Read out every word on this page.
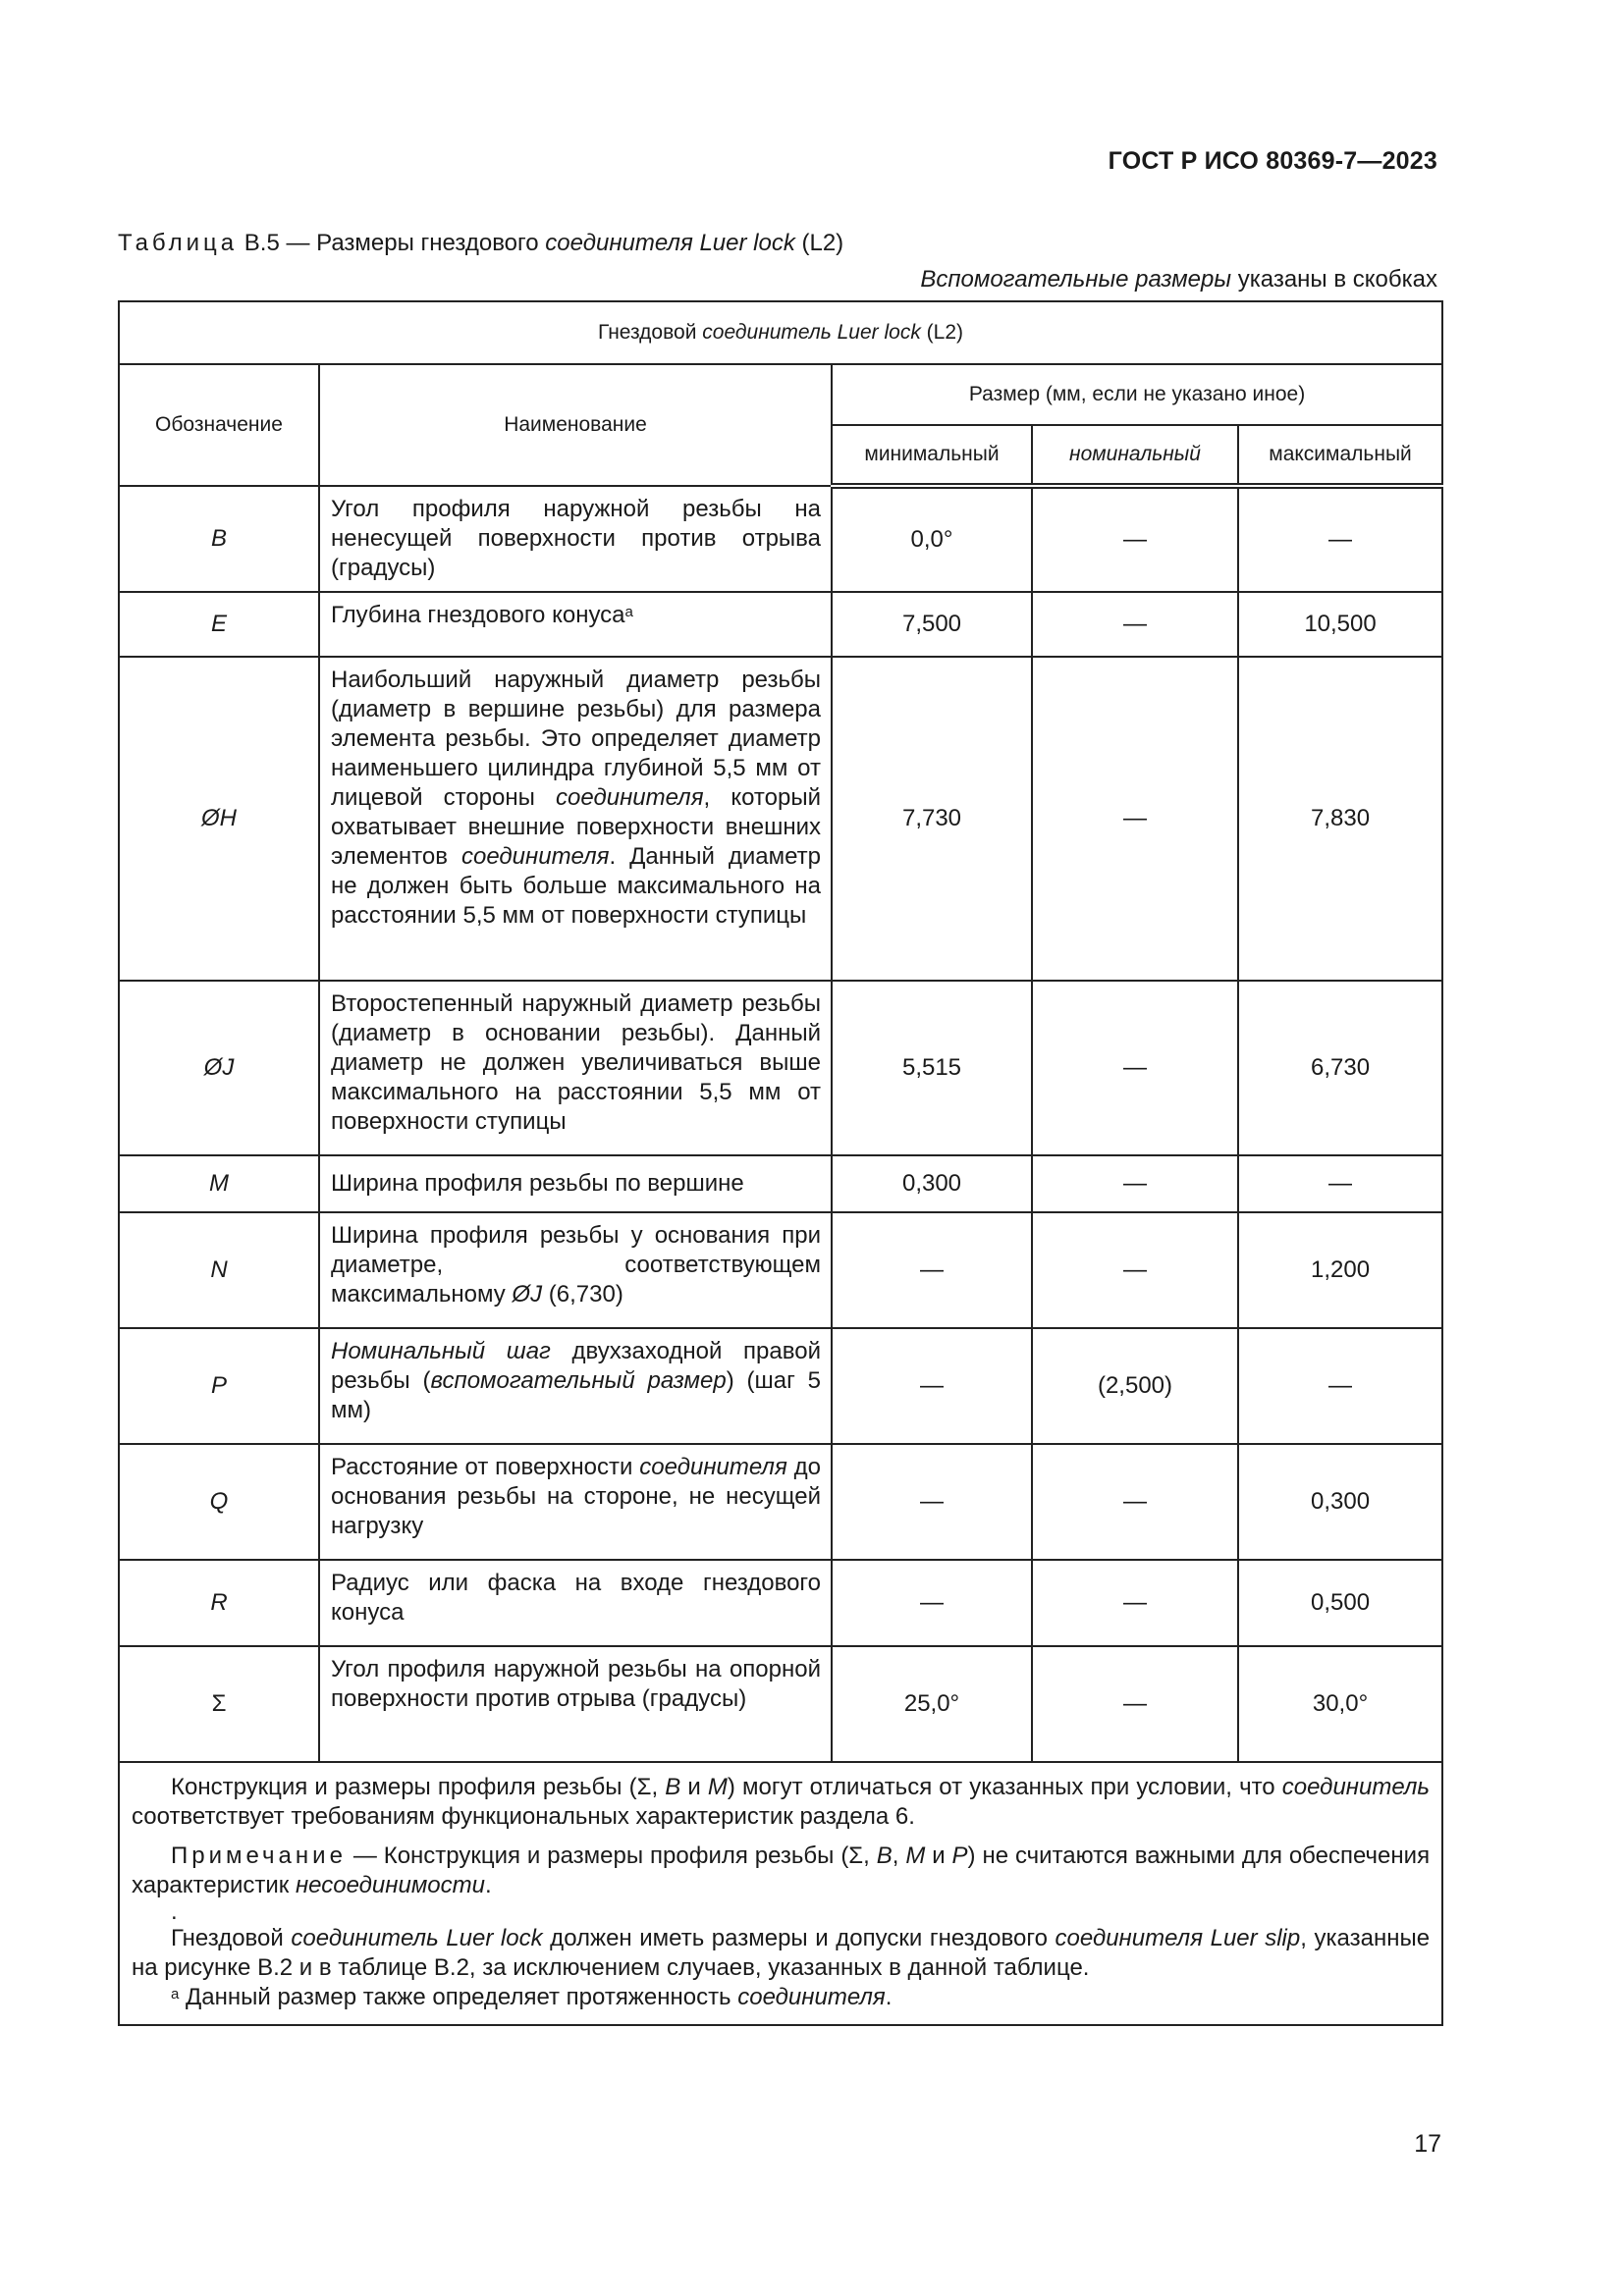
ГОСТ Р ИСО 80369-7—2023
Таблица В.5 — Размеры гнездового соединителя Luer lock (L2)
Вспомогательные размеры указаны в скобках
Гнездовой соединитель Luer lock (L2)				
Обозначение	Наименование	Размер (мм, если не указано иное)		
		минимальный	номинальный	максимальный
B	Угол профиля наружной резьбы на ненесущей поверхности против отрыва (градусы)	0,0°	—	—
E	Глубина гнездового конуса$^a$	7,500	—	10,500
ØH	Наибольший наружный диаметр резьбы (диаметр в вершине резьбы) для размера элемента резьбы. Это определяет диаметр наименьшего цилиндра глубиной 5,5 мм от лицевой стороны соединителя, который охватывает внешние поверхности внешних элементов соединителя. Данный диаметр не должен быть больше максимального на расстоянии 5,5 мм от поверхности ступицы	7,730	—	7,830
ØJ	Второстепенный наружный диаметр резьбы (диаметр в основании резьбы). Данный диаметр не должен увеличиваться выше максимального на расстоянии 5,5 мм от поверхности ступицы	5,515	—	6,730
M	Ширина профиля резьбы по вершине	0,300	—	—
N	Ширина профиля резьбы у основания при диаметре, соответствующем максимальному ØJ (6,730)	—	—	1,200
P	Номинальный шаг двухзаходной правой резьбы (вспомогательный размер) (шаг 5 мм)	—	(2,500)	—
Q	Расстояние от поверхности соединителя до основания резьбы на стороне, не несущей нагрузку	—	—	0,300
R	Радиус или фаска на входе гнездового конуса	—	—	0,500
Σ	Угол профиля наружной резьбы на опорной поверхности против отрыва (градусы)	25,0°	—	30,0°

Конструкция и размеры профиля резьбы (Σ, В и М) могут отличаться от указанных при условии, что соединитель соответствует требованиям функциональных характеристик раздела 6.

Примечание — Конструкция и размеры профиля резьбы (Σ, В, М и Р) не считаются важными для обеспечения характеристик несоединимости.

.

Гнездовой соединитель Luer lock должен иметь размеры и допуски гнездового соединителя Luer slip, указанные на рисунке В.2 и в таблице В.2, за исключением случаев, указанных в данной таблице.

$^a$ Данный размер также определяет протяженность соединителя.				

17
